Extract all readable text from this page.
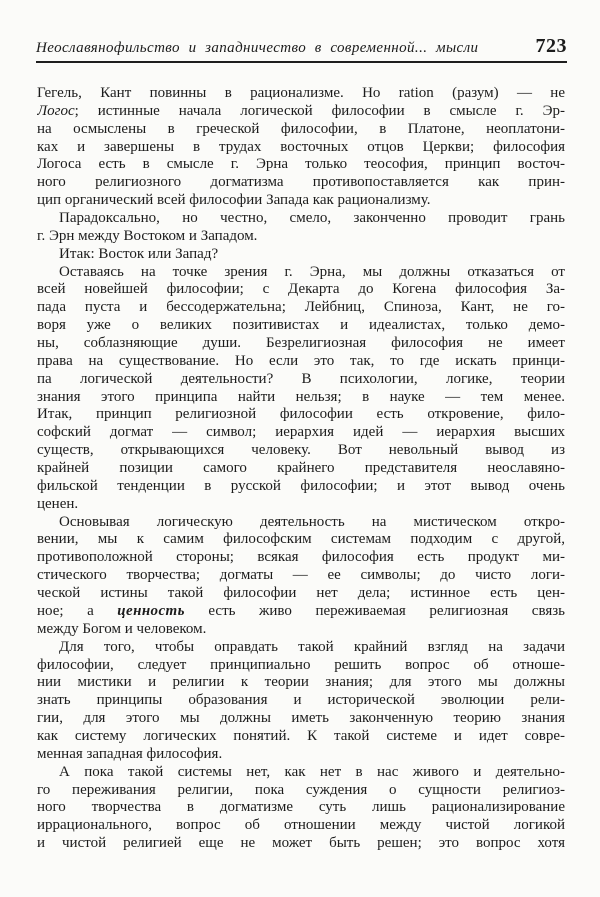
Неославянофильство и западничество в современной... мысли	723
Гегель, Кант повинны в рационализме. Но ration (разум) — не
Логос; истинные начала логической философии в смысле г. Эр-
на осмыслены в греческой философии, в Платоне, неоплатони-
ках и завершены в трудах восточных отцов Церкви; философия
Логоса есть в смысле г. Эрна только теософия, принцип восточ-
ного религиозного догматизма противопоставляется как прин-
цип органический всей философии Запада как рационализму.
Парадоксально, но честно, смело, законченно проводит грань
г. Эрн между Востоком и Западом.
Итак: Восток или Запад?
Оставаясь на точке зрения г. Эрна, мы должны отказаться от
всей новейшей философии; с Декарта до Когена философия За-
пада пуста и бессодержательна; Лейбниц, Спиноза, Кант, не го-
воря уже о великих позитивистах и идеалистах, только демо-
ны, соблазняющие души. Безрелигиозная философия не имеет
права на существование. Но если это так, то где искать принци-
па логической деятельности? В психологии, логике, теории
знания этого принципа найти нельзя; в науке — тем менее.
Итак, принцип религиозной философии есть откровение, фило-
софский догмат — символ; иерархия идей — иерархия высших
существ, открывающихся человеку. Вот невольный вывод из
крайней позиции самого крайнего представителя неославяно-
фильской тенденции в русской философии; и этот вывод очень
ценен.
Основывая логическую деятельность на мистическом откро-
вении, мы к самим философским системам подходим с другой,
противоположной стороны; всякая философия есть продукт ми-
стического творчества; догматы — ее символы; до чисто логи-
ческой истины такой философии нет дела; истинное есть цен-
ное; а ценность есть живо переживаемая религиозная связь
между Богом и человеком.
Для того, чтобы оправдать такой крайний взгляд на задачи
философии, следует принципиально решить вопрос об отноше-
нии мистики и религии к теории знания; для этого мы должны
знать принципы образования и исторической эволюции рели-
гии, для этого мы должны иметь законченную теорию знания
как систему логических понятий. К такой системе и идет совре-
менная западная философия.
А пока такой системы нет, как нет в нас живого и деятельно-
го переживания религии, пока суждения о сущности религиоз-
ного творчества в догматизме суть лишь рационализирование
иррационального, вопрос об отношении между чистой логикой
и чистой религией еще не может быть решен; это вопрос хотя
